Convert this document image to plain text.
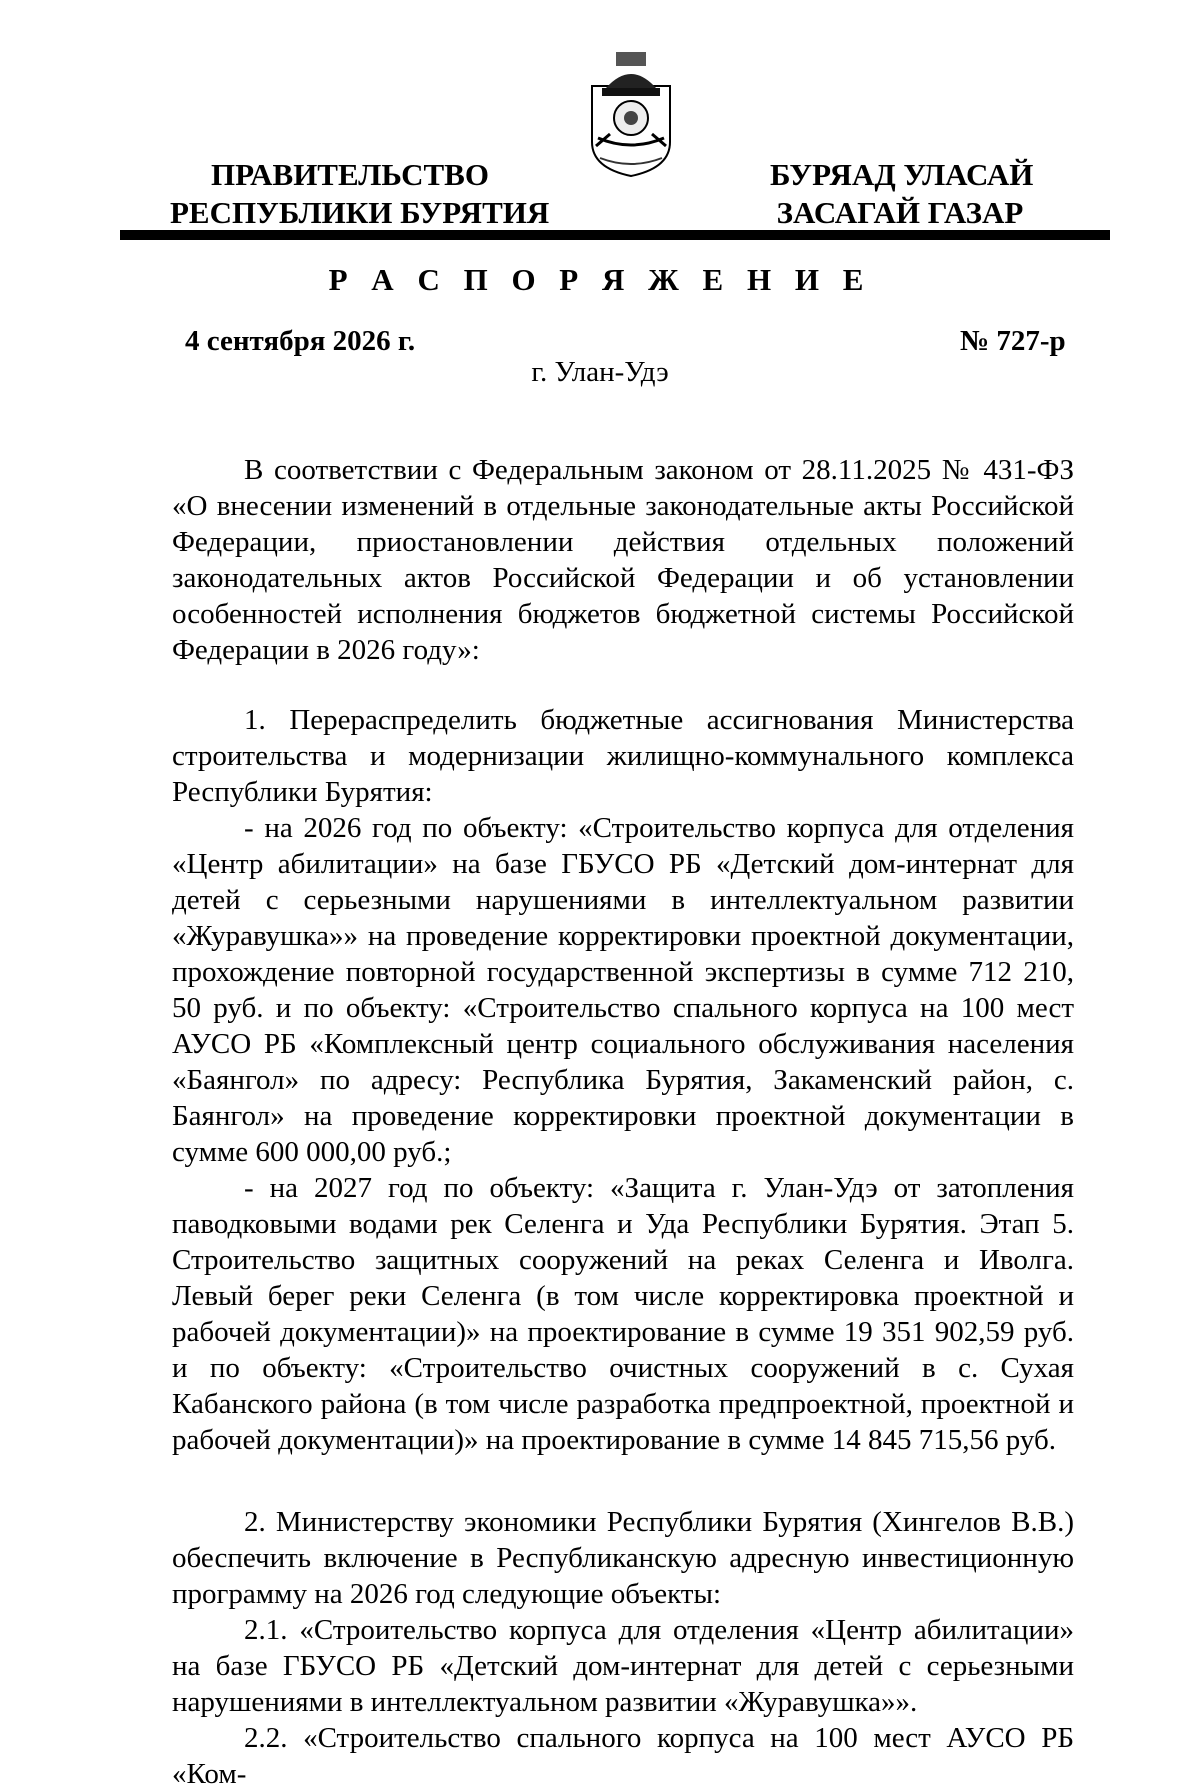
ПРАВИТЕЛЬСТВО
РЕСПУБЛИКИ БУРЯТИЯ
БУРЯАД УЛАСАЙ
ЗАСАГАЙ ГАЗАР
Р А С П О Р Я Ж Е Н И Е
4 сентября 2026 г.	№ 727-р
г. Улан-Удэ

В соответствии с Федеральным законом от 28.11.2025 № 431-ФЗ «О внесении изменений в отдельные законодательные акты Российской Федерации, приостановлении действия отдельных положений законодательных актов Российской Федерации и об установлении особенностей исполнения бюджетов бюджетной системы Российской Федерации в 2026 году»:

1. Перераспределить бюджетные ассигнования Министерства строительства и модернизации жилищно-коммунального комплекса Республики Бурятия:

- на 2026 год по объекту: «Строительство корпуса для отделения «Центр абилитации» на базе ГБУСО РБ «Детский дом-интернат для детей с серьезными нарушениями в интеллектуальном развитии «Журавушка»» на проведение корректировки проектной документации, прохождение повторной государственной экспертизы в сумме 712 210, 50 руб. и по объекту: «Строительство спального корпуса на 100 мест АУСО РБ «Комплексный центр социального обслуживания населения «Баянгол» по адресу: Республика Бурятия, Закаменский район, с. Баянгол» на проведение корректировки проектной документации в сумме 600 000,00 руб.;

- на 2027 год по объекту: «Защита г. Улан-Удэ от затопления паводковыми водами рек Селенга и Уда Республики Бурятия. Этап 5. Строительство защитных сооружений на реках Селенга и Иволга. Левый берег реки Селенга (в том числе корректировка проектной и рабочей документации)» на проектирование в сумме 19 351 902,59 руб. и по объекту: «Строительство очистных сооружений в с. Сухая Кабанского района (в том числе разработка предпроектной, проектной и рабочей документации)» на проектирование в сумме 14 845 715,56 руб.

2. Министерству экономики Республики Бурятия (Хингелов В.В.) обеспечить включение в Республиканскую адресную инвестиционную программу на 2026 год следующие объекты:

2.1. «Строительство корпуса для отделения «Центр абилитации» на базе ГБУСО РБ «Детский дом-интернат для детей с серьезными нарушениями в интеллектуальном развитии «Журавушка»».

2.2. «Строительство спального корпуса на 100 мест АУСО РБ «Ком-
